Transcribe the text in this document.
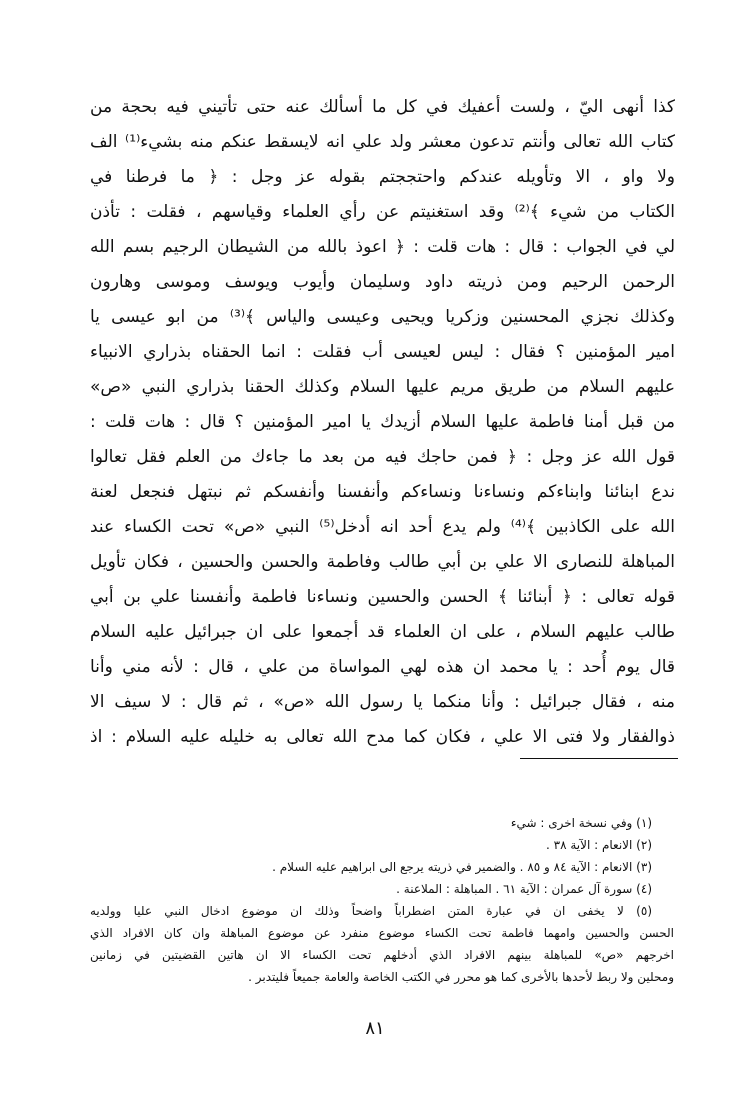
كذا أنهى اليّ ، ولست أعفيك في كل ما أسألك عنه حتى تأتيني فيه بحجة من
كتاب الله تعالى وأنتم تدعون معشر ولد علي انه لايسقط عنكم منه بشيء⁽¹⁾ الف
ولا واو ، الا وتأويله عندكم واحتججتم بقوله عز وجل : ﴿ ما فرطنا في
الكتاب من شيء ﴾⁽²⁾ وقد استغنيتم عن رأي العلماء وقياسهم ، فقلت : تأذن
لي في الجواب : قال : هات قلت : ﴿ اعوذ بالله من الشيطان الرجيم بسم الله
الرحمن الرحيم ومن ذريته داود وسليمان وأيوب ويوسف وموسى وهارون
وكذلك نجزي المحسنين وزكريا ويحيى وعيسى والياس ﴾⁽³⁾ من ابو عيسى يا
امير المؤمنين ؟ فقال : ليس لعيسى أب فقلت : انما الحقناه بذراري الانبياء
عليهم السلام من طريق مريم عليها السلام وكذلك الحقنا بذراري النبي «ص»
من قبل أمنا فاطمة عليها السلام أزيدك يا امير المؤمنين ؟ قال : هات قلت :
قول الله عز وجل : ﴿ فمن حاجك فيه من بعد ما جاءك من العلم فقل تعالوا
ندع ابنائنا وابناءكم ونساءنا ونساءكم وأنفسنا وأنفسكم ثم نبتهل فنجعل لعنة
الله على الكاذبين ﴾⁽⁴⁾ ولم يدع أحد انه أدخل⁽⁵⁾ النبي «ص» تحت الكساء عند
المباهلة للنصارى الا علي بن أبي طالب وفاطمة والحسن والحسين ، فكان تأويل
قوله تعالى : ﴿ أبنائنا ﴾ الحسن والحسين ونساءنا فاطمة وأنفسنا علي بن أبي
طالب عليهم السلام ، على ان العلماء قد أجمعوا على ان جبرائيل عليه السلام
قال يوم أُحد : يا محمد ان هذه لهي المواساة من علي ، قال : لأنه مني وأنا
منه ، فقال جبرائيل : وأنا منكما يا رسول الله «ص» ، ثم قال : لا سيف الا
ذوالفقار ولا فتى الا علي ، فكان كما مدح الله تعالى به خليله عليه السلام : اذ
(١) وفي نسخة اخرى : شيء
(٢) الانعام : الآية ٣٨ .
(٣) الانعام : الآية ٨٤ و ٨٥ . والضمير في ذريته يرجع الى ابراهيم عليه السلام .
(٤) سورة آل عمران : الآية ٦١ . المباهلة : الملاعنة .
(٥) لا يخفى ان في عبارة المتن اضطراباً واضحاً وذلك ان موضوع ادخال النبي عليا وولديه
الحسن والحسين وامهما فاطمة تحت الكساء موضوع منفرد عن موضوع المباهلة وان كان الافراد الذي
اخرجهم «ص» للمباهلة بينهم الافراد الذي أدخلهم تحت الكساء الا ان هاتين القضيتين في زمانين
ومحلين ولا ربط لأحدها بالأخرى كما هو محرر في الكتب الخاصة والعامة جميعاً فليتدبر .
٨١
